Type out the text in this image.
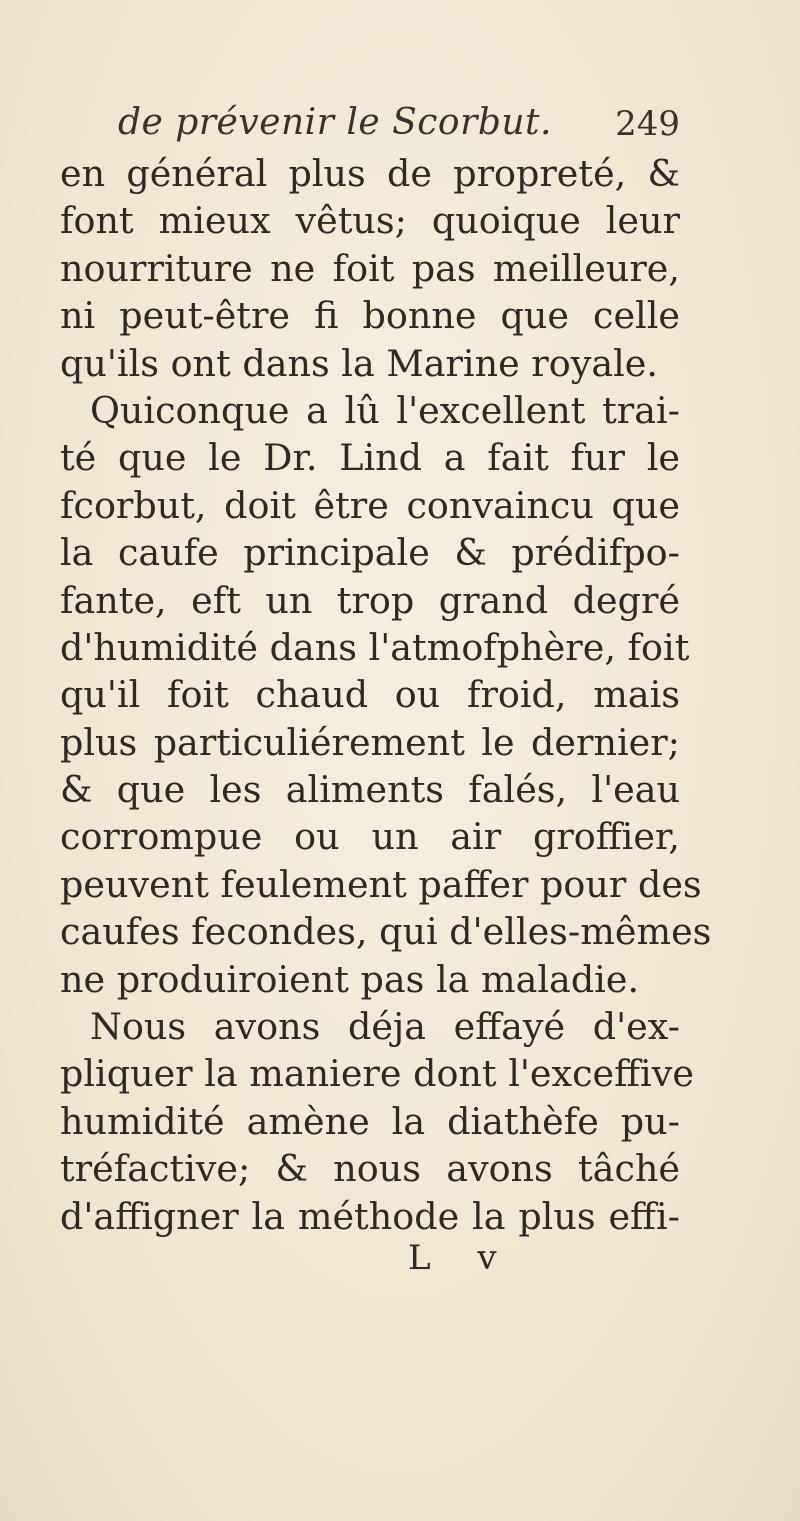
de prévenir le Scorbut. 249
en général plus de propreté, &
font mieux vêtus; quoique leur
nourriture ne foit pas meilleure,
ni peut-être fi bonne que celle
qu'ils ont dans la Marine royale.
Quiconque a lû l'excellent trai-
té que le Dr. Lind a fait fur le
fcorbut, doit être convaincu que
la caufe principale & prédifpo-
fante, eft un trop grand degré
d'humidité dans l'atmofphère, foit
qu'il foit chaud ou froid, mais
plus particuliérement le dernier;
& que les aliments falés, l'eau
corrompue ou un air groffier,
peuvent feulement paffer pour des
caufes fecondes, qui d'elles-mêmes
ne produiroient pas la maladie.
Nous avons déja effayé d'ex-
pliquer la maniere dont l'exceffive
humidité amène la diathèfe pu-
tréfactive; & nous avons tâché
d'affigner la méthode la plus effi-
L v
